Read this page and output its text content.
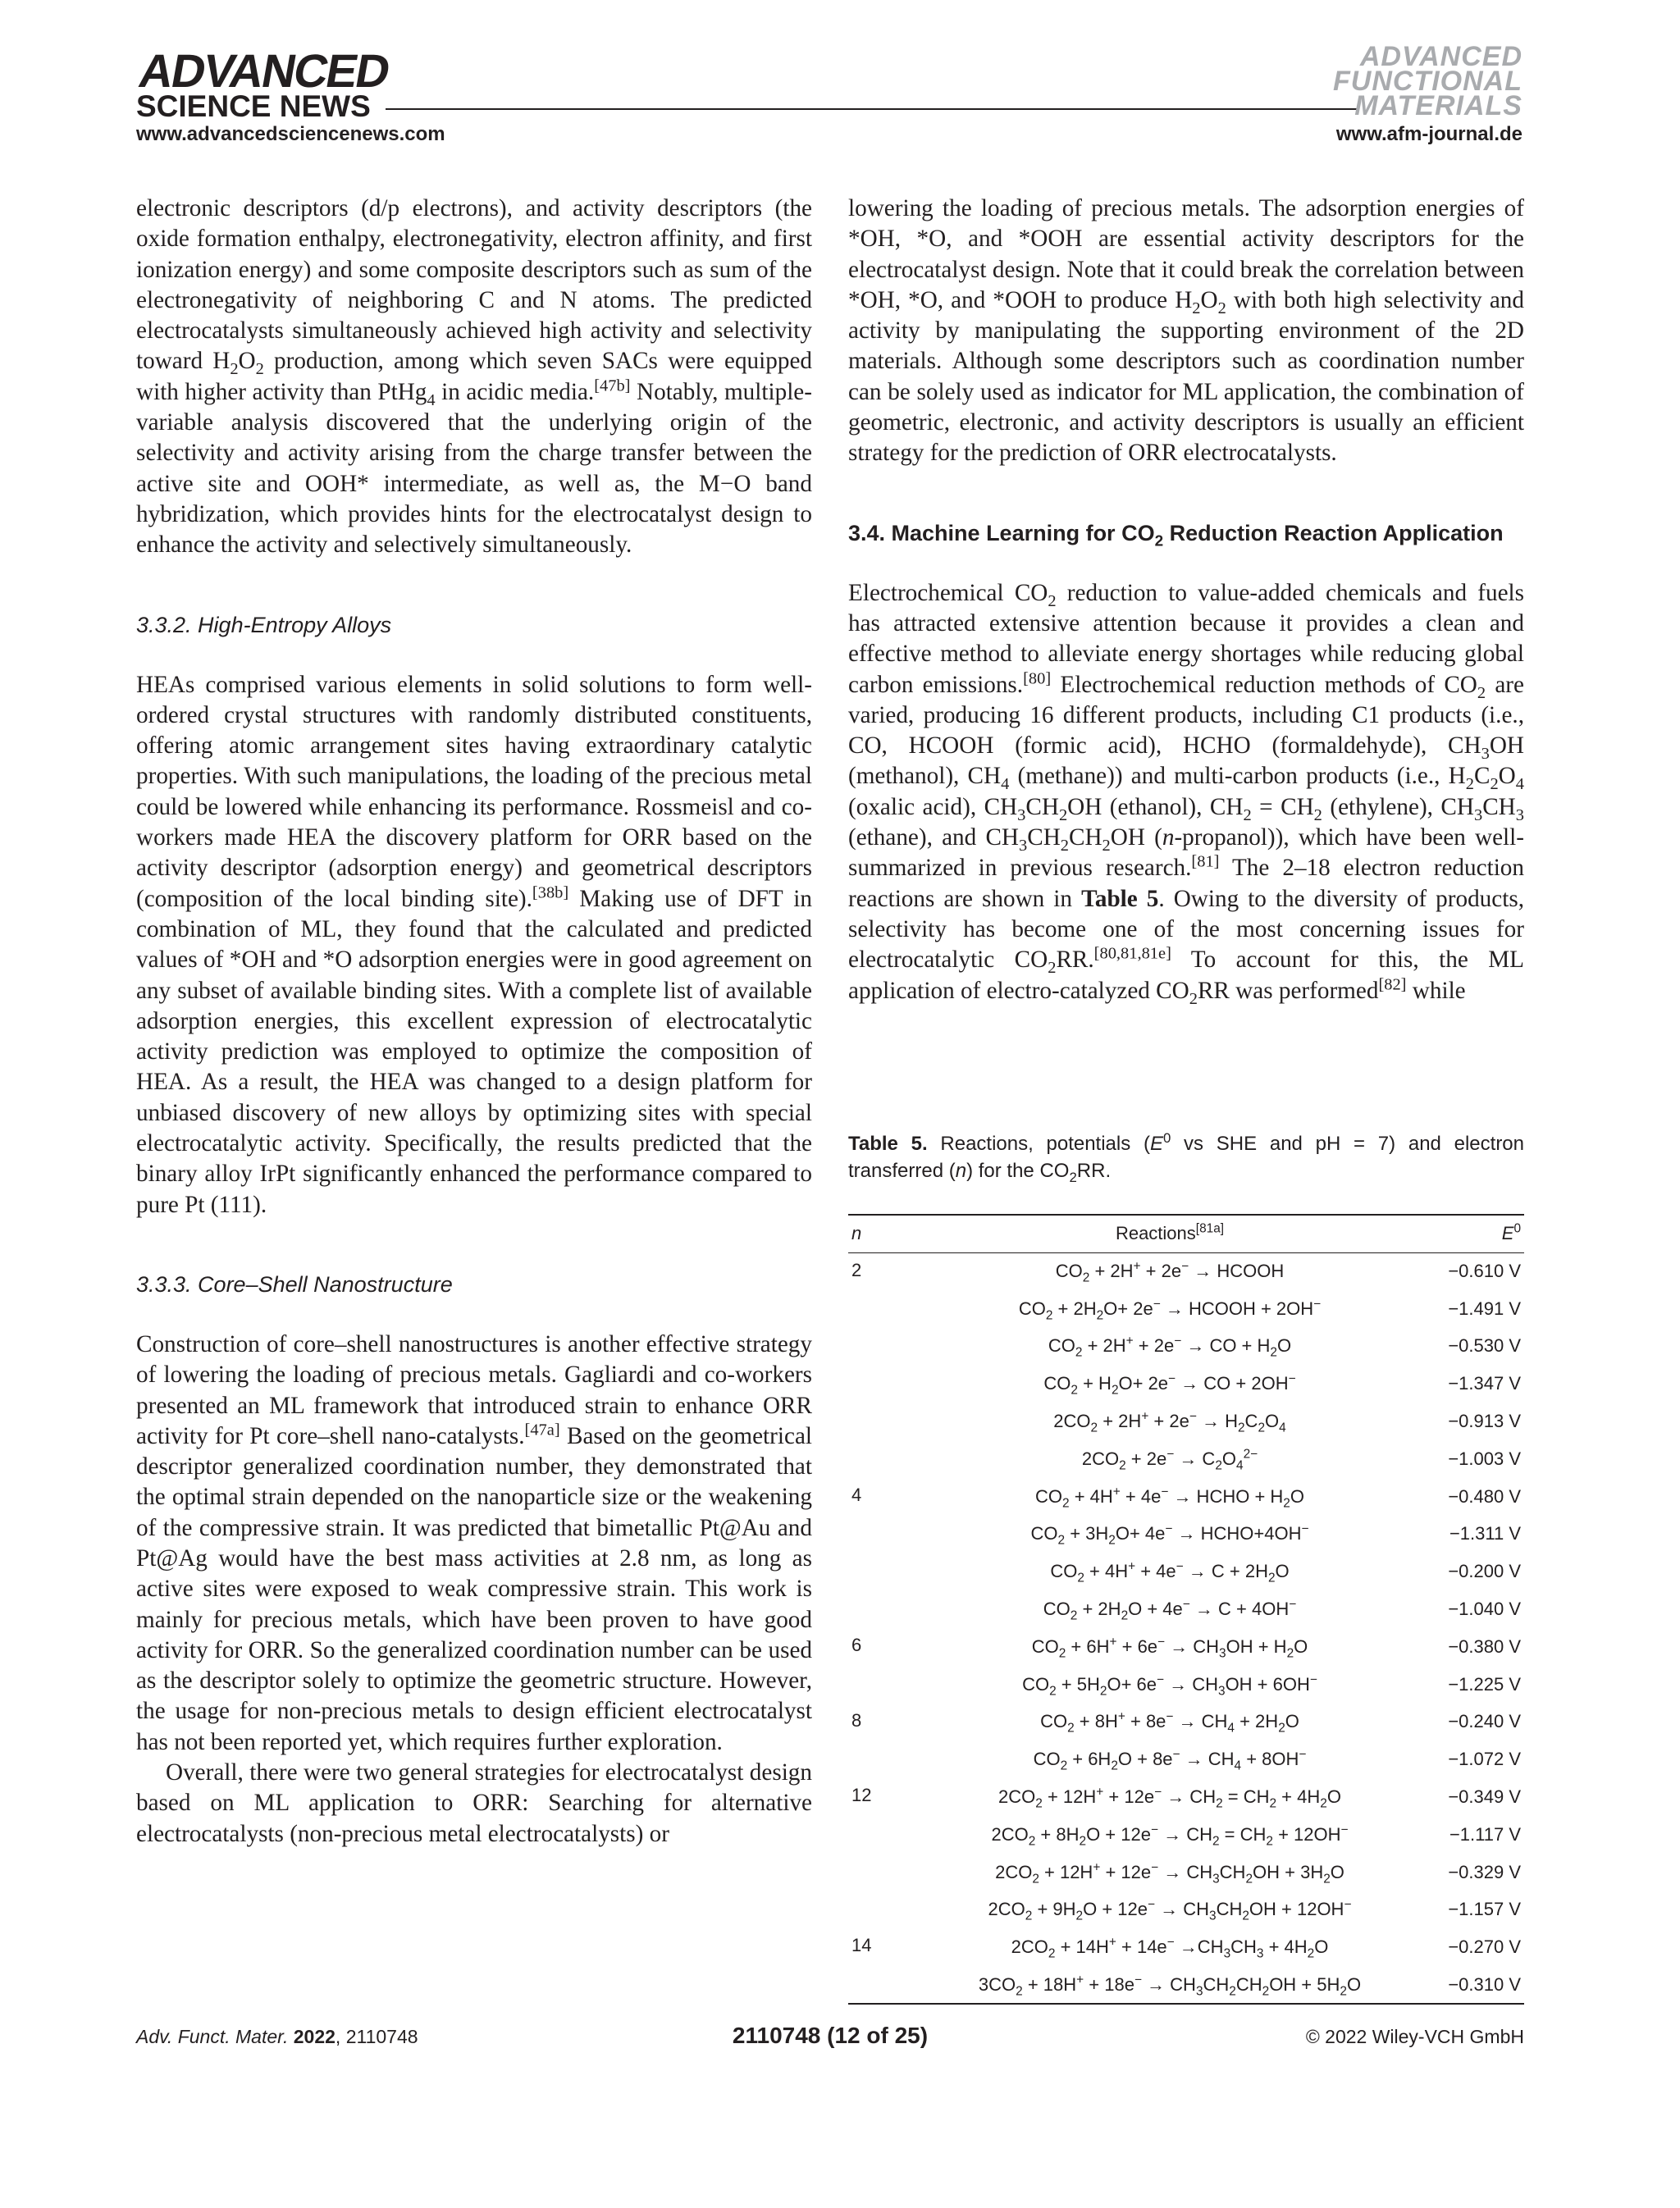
ADVANCED
SCIENCE NEWS
ADVANCED
FUNCTIONAL
MATERIALS
www.advancedsciencenews.com	www.afm-journal.de

electronic descriptors (d/p electrons), and activity descriptors (the oxide formation enthalpy, electronegativity, electron affinity, and first ionization energy) and some composite descriptors such as sum of the electronegativity of neighboring C and N atoms. The predicted electrocatalysts simultaneously achieved high activity and selectivity toward $H_2O_2$ production, among which seven SACs were equipped with higher activity than PtHg$_4$ in acidic media.[47b] Notably, multiple-variable analysis discovered that the underlying origin of the selectivity and activity arising from the charge transfer between the active site and OOH* intermediate, as well as, the M−O band hybridization, which provides hints for the electrocatalyst design to enhance the activity and selectively simultaneously.

3.3.2. High-Entropy Alloys

HEAs comprised various elements in solid solutions to form well-ordered crystal structures with randomly distributed constituents, offering atomic arrangement sites having extraordinary catalytic properties. With such manipulations, the loading of the precious metal could be lowered while enhancing its performance. Rossmeisl and co-workers made HEA the discovery platform for ORR based on the activity descriptor (adsorption energy) and geometrical descriptors (composition of the local binding site).[38b] Making use of DFT in combination of ML, they found that the calculated and predicted values of *OH and *O adsorption energies were in good agreement on any subset of available binding sites. With a complete list of available adsorption energies, this excellent expression of electrocatalytic activity prediction was employed to optimize the composition of HEA. As a result, the HEA was changed to a design platform for unbiased discovery of new alloys by optimizing sites with special electrocatalytic activity. Specifically, the results predicted that the binary alloy IrPt significantly enhanced the performance compared to pure Pt (111).

3.3.3. Core–Shell Nanostructure

Construction of core–shell nanostructures is another effective strategy of lowering the loading of precious metals. Gagliardi and co-workers presented an ML framework that introduced strain to enhance ORR activity for Pt core–shell nano-catalysts.[47a] Based on the geometrical descriptor generalized coordination number, they demonstrated that the optimal strain depended on the nanoparticle size or the weakening of the compressive strain. It was predicted that bimetallic Pt@Au and Pt@Ag would have the best mass activities at 2.8 nm, as long as active sites were exposed to weak compressive strain. This work is mainly for precious metals, which have been proven to have good activity for ORR. So the generalized coordination number can be used as the descriptor solely to optimize the geometric structure. However, the usage for non-precious metals to design efficient electrocatalyst has not been reported yet, which requires further exploration.

Overall, there were two general strategies for electrocatalyst design based on ML application to ORR: Searching for alternative electrocatalysts (non-precious metal electrocatalysts) or

lowering the loading of precious metals. The adsorption energies of *OH, *O, and *OOH are essential activity descriptors for the electrocatalyst design. Note that it could break the correlation between *OH, *O, and *OOH to produce $H_2O_2$ with both high selectivity and activity by manipulating the supporting environment of the 2D materials. Although some descriptors such as coordination number can be solely used as indicator for ML application, the combination of geometric, electronic, and activity descriptors is usually an efficient strategy for the prediction of ORR electrocatalysts.

3.4. Machine Learning for $CO_2$ Reduction Reaction Application

Electrochemical $CO_2$ reduction to value-added chemicals and fuels has attracted extensive attention because it provides a clean and effective method to alleviate energy shortages while reducing global carbon emissions.[80] Electrochemical reduction methods of $CO_2$ are varied, producing 16 different products, including C1 products (i.e., CO, HCOOH (formic acid), HCHO (formaldehyde), $CH_3OH$ (methanol), $CH_4$ (methane)) and multi-carbon products (i.e., $H_2C_2O_4$ (oxalic acid), $CH_3CH_2OH$ (ethanol), $CH_2 = CH_2$ (ethylene), $CH_3CH_3$ (ethane), and $CH_3CH_2CH_2OH$ (n-propanol)), which have been well-summarized in previous research.[81] The 2–18 electron reduction reactions are shown in Table 5. Owing to the diversity of products, selectivity has become one of the most concerning issues for electrocatalytic $CO_2RR.[80,81,81e]$ To account for this, the ML application of electro-catalyzed $CO_2RR$ was performed[82] while

Table 5. Reactions, potentials ($E^0$ vs SHE and pH = 7) and electron transferred (n) for the $CO_2RR$.
n	Reactions[81a]	$E^0$
2	$CO_2 + 2H^+ + 2e^-$ → HCOOH	−0.610 V
	$CO_2 + 2H_2O+ 2e^-$ → HCOOH + 2OH−	−1.491 V
	$CO_2 + 2H^+ + 2e^-$ → CO + $H_2O$	−0.530 V
	$CO_2 + H_2O+ 2e^-$ → CO + 2OH−	−1.347 V
	$2CO_2 + 2H^+ + 2e^- \to H_2C_2O_4$	−0.913 V
	$2CO_2 + 2e^- \to C_2O_4^{2-}$	−1.003 V
4	$CO_2 + 4H^+ + 4e^-$ → HCHO + $H_2O$	−0.480 V
	$CO_2 + 3H_2O+ 4e^-$ → HCHO+4OH−	−1.311 V
	$CO_2 + 4H^+ + 4e^- \to C + 2H_2O$	−0.200 V
	$CO_2 + 2H_2O + 4e^- \to C + 4OH^-$	−1.040 V
6	$CO_2 + 6H^+ + 6e^- \to CH_3OH + H_2O$	−0.380 V
	$CO_2 + 5H_2O+ 6e^- \to CH_3OH + 6OH^-$	−1.225 V
8	$CO_2 + 8H^+ + 8e^- \to CH_4 + 2H_2O$	−0.240 V
	$CO_2 + 6H_2O + 8e^- \to CH_4 + 8OH^-$	−1.072 V
12	$2CO_2 + 12H^+ + 12e^- \to CH_2 = CH_2 + 4H_2O$	−0.349 V
	$2CO_2 + 8H_2O + 12e^- \to CH_2 = CH_2 + 12OH^-$	−1.117 V
	$2CO_2 + 12H^+ + 12e^- \to CH_3CH_2OH + 3H_2O$	−0.329 V
	$2CO_2 + 9H_2O + 12e^- \to CH_3CH_2OH + 12OH^-$	−1.157 V
14	$2CO_2 + 14H^+ + 14e^- \to CH_3CH_3 + 4H_2O$	−0.270 V
	$3CO_2 + 18H^+ + 18e^- \to CH_3CH_2CH_2OH + 5H_2O$	−0.310 V
Adv. Funct. Mater. 2022, 2110748	2110748 (12 of 25)	© 2022 Wiley-VCH GmbH
